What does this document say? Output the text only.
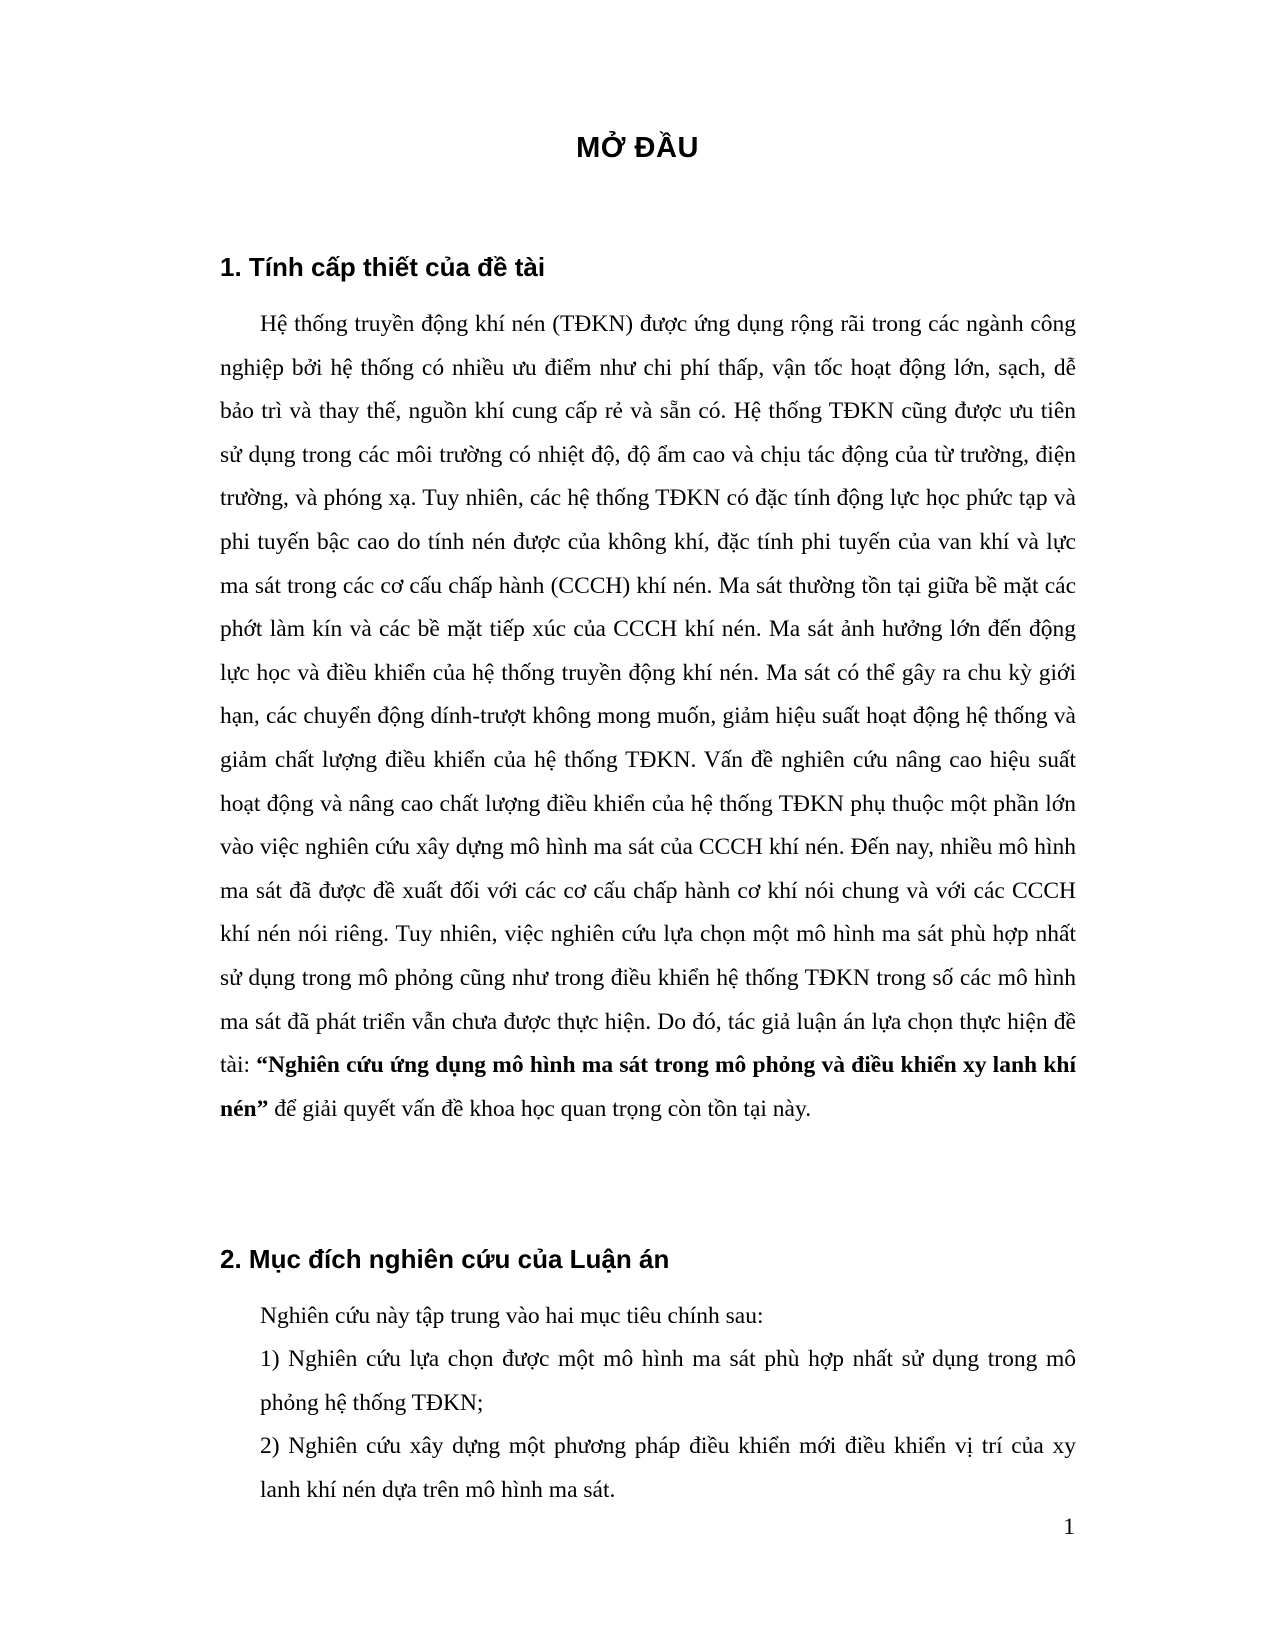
MỞ ĐẦU
1. Tính cấp thiết của đề tài

Hệ thống truyền động khí nén (TĐKN) được ứng dụng rộng rãi trong các ngành công nghiệp bởi hệ thống có nhiều ưu điểm như chi phí thấp, vận tốc hoạt động lớn, sạch, dễ bảo trì và thay thế, nguồn khí cung cấp rẻ và sẵn có. Hệ thống TĐKN cũng được ưu tiên sử dụng trong các môi trường có nhiệt độ, độ ẩm cao và chịu tác động của từ trường, điện trường, và phóng xạ. Tuy nhiên, các hệ thống TĐKN có đặc tính động lực học phức tạp và phi tuyến bậc cao do tính nén được của không khí, đặc tính phi tuyến của van khí và lực ma sát trong các cơ cấu chấp hành (CCCH) khí nén. Ma sát thường tồn tại giữa bề mặt các phớt làm kín và các bề mặt tiếp xúc của CCCH khí nén. Ma sát ảnh hưởng lớn đến động lực học và điều khiển của hệ thống truyền động khí nén. Ma sát có thể gây ra chu kỳ giới hạn, các chuyển động dính-trượt không mong muốn, giảm hiệu suất hoạt động hệ thống và giảm chất lượng điều khiển của hệ thống TĐKN. Vấn đề nghiên cứu nâng cao hiệu suất hoạt động và nâng cao chất lượng điều khiển của hệ thống TĐKN phụ thuộc một phần lớn vào việc nghiên cứu xây dựng mô hình ma sát của CCCH khí nén. Đến nay, nhiều mô hình ma sát đã được đề xuất đối với các cơ cấu chấp hành cơ khí nói chung và với các CCCH khí nén nói riêng. Tuy nhiên, việc nghiên cứu lựa chọn một mô hình ma sát phù hợp nhất sử dụng trong mô phỏng cũng như trong điều khiển hệ thống TĐKN trong số các mô hình ma sát đã phát triển vẫn chưa được thực hiện. Do đó, tác giả luận án lựa chọn thực hiện đề tài: “Nghiên cứu ứng dụng mô hình ma sát trong mô phỏng và điều khiển xy lanh khí nén” để giải quyết vấn đề khoa học quan trọng còn tồn tại này.

2. Mục đích nghiên cứu của Luận án

Nghiên cứu này tập trung vào hai mục tiêu chính sau:

1) Nghiên cứu lựa chọn được một mô hình ma sát phù hợp nhất sử dụng trong mô phỏng hệ thống TĐKN;

2) Nghiên cứu xây dựng một phương pháp điều khiển mới điều khiển vị trí của xy lanh khí nén dựa trên mô hình ma sát.

1
